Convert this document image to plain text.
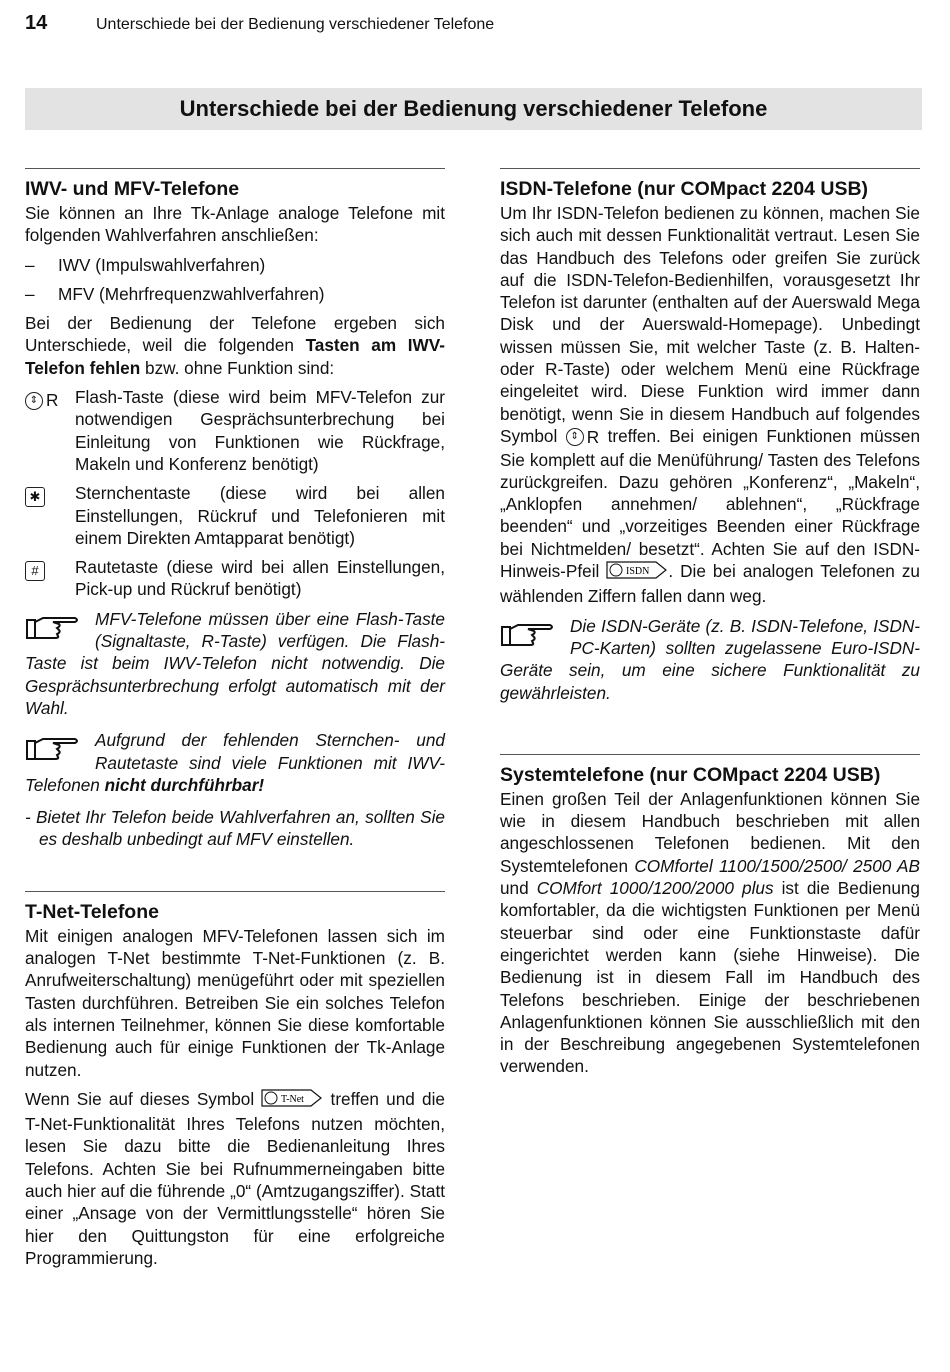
14	Unterschiede bei der Bedienung verschiedener Telefone
Unterschiede bei der Bedienung verschiedener Telefone
IWV- und MFV-Telefone

Sie können an Ihre Tk-Anlage analoge Telefone mit folgenden Wahlverfahren anschließen:

–	IWV (Impulswahlverfahren)
–	MFV (Mehrfrequenzwahlverfahren)

Bei der Bedienung der Telefone ergeben sich Unterschiede, weil die folgenden Tasten am IWV-Telefon fehlen bzw. ohne Funktion sind:

⇕ R Flash-Taste (diese wird beim MFV-Telefon zur notwendigen Gesprächsunterbrechung bei Einleitung von Funktionen wie Rückfrage, Makeln und Konferenz benötigt)
✱	Sternchentaste (diese wird bei allen Einstellungen, Rückruf und Telefonieren mit einem Direkten Amtapparat benötigt)
#	Rautetaste (diese wird bei allen Einstellungen, Pick-up und Rückruf benötigt)
MFV-Telefone müssen über eine Flash-Taste (Signaltaste, R-Taste) verfügen. Die Flash-Taste ist beim IWV-Telefon nicht notwendig. Die Gesprächsunterbrechung erfolgt automatisch mit der Wahl.
Aufgrund der fehlenden Sternchen- und Rautetaste sind viele Funktionen mit IWV-Telefonen nicht durchführbar!

- Bietet Ihr Telefon beide Wahlverfahren an, sollten Sie es deshalb unbedingt auf MFV einstellen.

T-Net-Telefone

Mit einigen analogen MFV-Telefonen lassen sich im analogen T-Net bestimmte T-Net-Funktionen (z. B. Anrufweiterschaltung) menügeführt oder mit speziellen Tasten durchführen. Betreiben Sie ein solches Telefon als internen Teilnehmer, können Sie diese komfortable Bedienung auch für einige Funktionen der Tk-Anlage nutzen.

Wenn Sie auf dieses Symbol T-Net treffen und die T-Net-Funktionalität Ihres Telefons nutzen möchten, lesen Sie dazu bitte die Bedienanleitung Ihres Telefons. Achten Sie bei Rufnummerneingaben bitte auch hier auf die führende „0“ (Amtzugangsziffer). Statt einer „Ansage von der Vermittlungsstelle“ hören Sie hier den Quittungston für eine erfolgreiche Programmierung.

ISDN-Telefone (nur COMpact 2204 USB)

Um Ihr ISDN-Telefon bedienen zu können, machen Sie sich auch mit dessen Funktionalität vertraut. Lesen Sie das Handbuch des Telefons oder greifen Sie zurück auf die ISDN-Telefon-Bedienhilfen, vorausgesetzt Ihr Telefon ist darunter (enthalten auf der Auerswald Mega Disk und der Auerswald-Homepage). Unbedingt wissen müssen Sie, mit welcher Taste (z. B. Halten- oder R-Taste) oder welchem Menü eine Rückfrage eingeleitet wird. Diese Funktion wird immer dann benötigt, wenn Sie in diesem Handbuch auf folgendes Symbol ⇕ R treffen. Bei einigen Funktionen müssen Sie komplett auf die Menüführung/ Tasten des Telefons zurückgreifen. Dazu gehören „Konferenz“, „Makeln“, „Anklopfen annehmen/ ablehnen“, „Rückfrage beenden“ und „vorzeitiges Beenden einer Rückfrage bei Nichtmelden/ besetzt“. Achten Sie auf den ISDN-Hinweis-Pfeil ISDN . Die bei analogen Telefonen zu wählenden Ziffern fallen dann weg.

Die ISDN-Geräte (z. B. ISDN-Telefone, ISDN-PC-Karten) sollten zugelassene Euro-ISDN-Geräte sein, um eine sichere Funktionalität zu gewährleisten.
Systemtelefone (nur COMpact 2204 USB)

Einen großen Teil der Anlagenfunktionen können Sie wie in diesem Handbuch beschrieben mit allen angeschlossenen Telefonen bedienen. Mit den Systemtelefonen COMfortel 1100/1500/2500/ 2500 AB und COMfort 1000/1200/2000 plus ist die Bedienung komfortabler, da die wichtigsten Funktionen per Menü steuerbar sind oder eine Funktionstaste dafür eingerichtet werden kann (siehe Hinweise). Die Bedienung ist in diesem Fall im Handbuch des Telefons beschrieben. Einige der beschriebenen Anlagenfunktionen können Sie ausschließlich mit den in der Beschreibung angegebenen Systemtelefonen verwenden.
